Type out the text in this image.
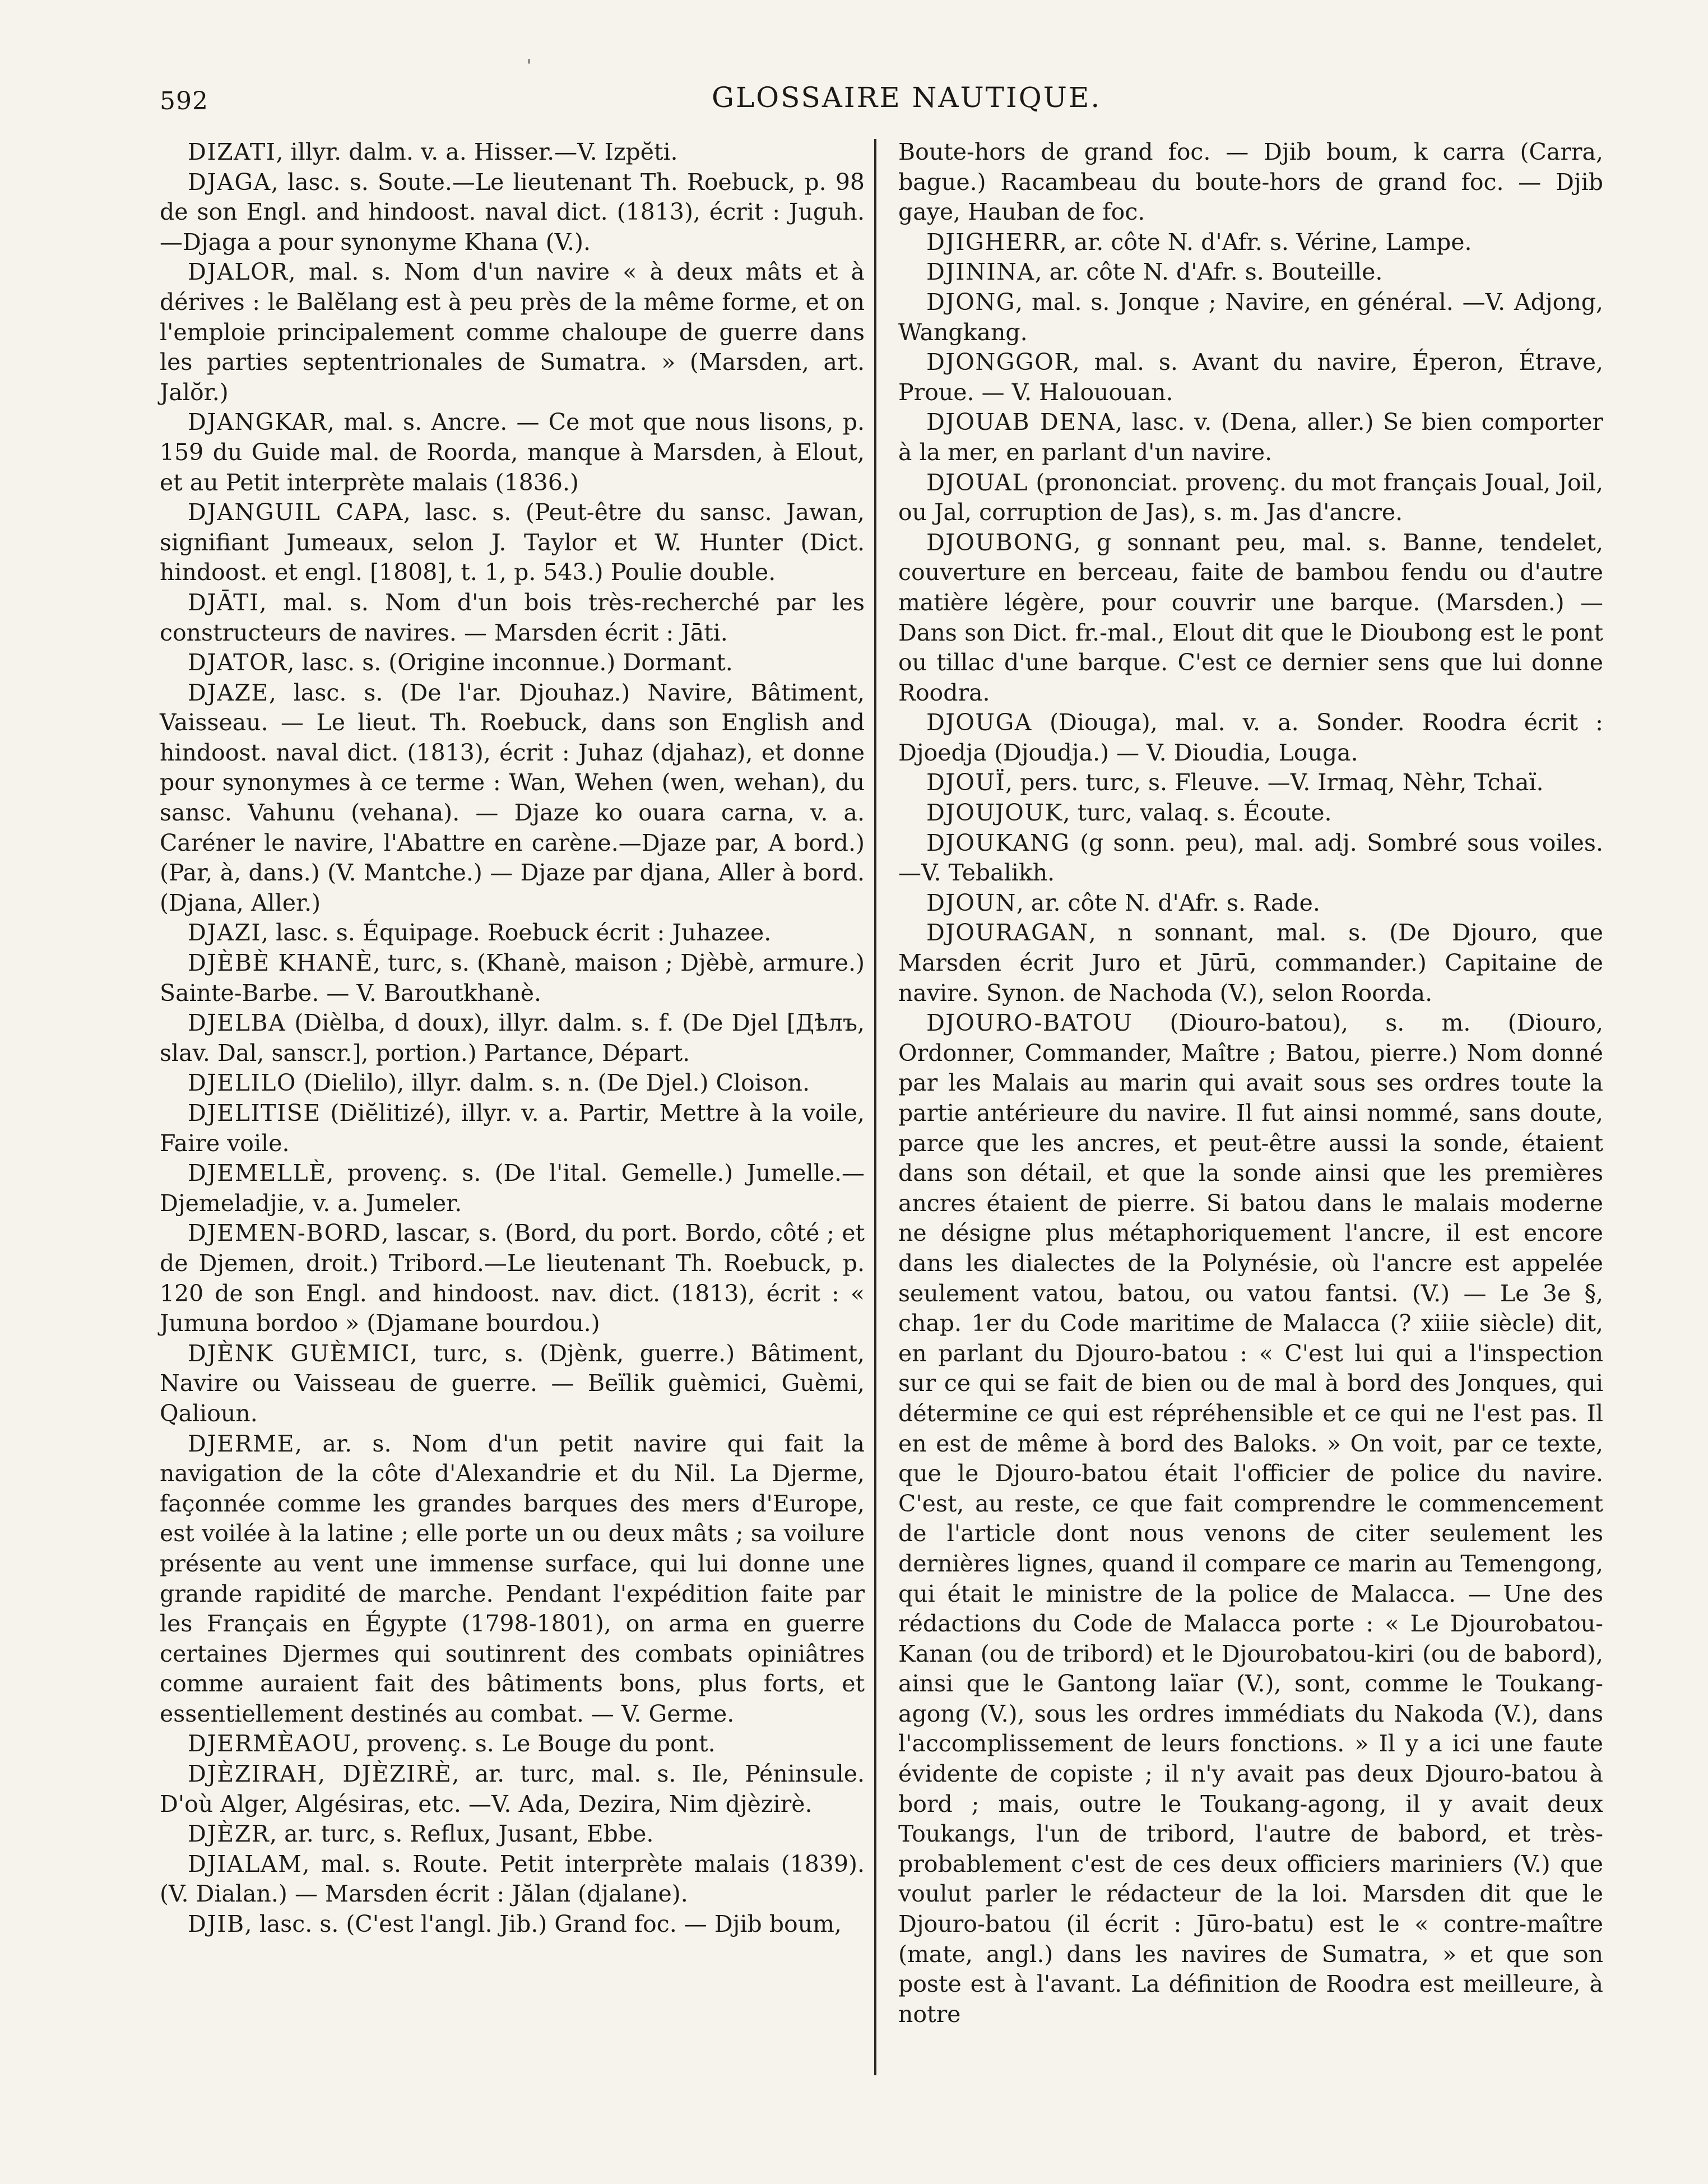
'
592	GLOSSAIRE NAUTIQUE.

DIZATI, illyr. dalm. v. a. Hisser.—V. Izpĕti.

DJAGA, lasc. s. Soute.—Le lieutenant Th. Roebuck, p. 98 de son Engl. and hindoost. naval dict. (1813), écrit : Juguh. —Djaga a pour synonyme Khana (V.).

DJALOR, mal. s. Nom d'un navire « à deux mâts et à dérives : le Balĕlang est à peu près de la même forme, et on l'emploie principalement comme chaloupe de guerre dans les parties septentrionales de Sumatra. » (Marsden, art. Jalŏr.)

DJANGKAR, mal. s. Ancre. — Ce mot que nous lisons, p. 159 du Guide mal. de Roorda, manque à Marsden, à Elout, et au Petit interprète malais (1836.)

DJANGUIL CAPA, lasc. s. (Peut-être du sansc. Jawan, signifiant Jumeaux, selon J. Taylor et W. Hunter (Dict. hindoost. et engl. [1808], t. 1, p. 543.) Poulie double.

DJĀTI, mal. s. Nom d'un bois très-recherché par les constructeurs de navires. — Marsden écrit : Jāti.

DJATOR, lasc. s. (Origine inconnue.) Dormant.

DJAZE, lasc. s. (De l'ar. Djouhaz.) Navire, Bâtiment, Vaisseau. — Le lieut. Th. Roebuck, dans son English and hindoost. naval dict. (1813), écrit : Juhaz (djahaz), et donne pour synonymes à ce terme : Wan, Wehen (wen, wehan), du sansc. Vahunu (vehana). — Djaze ko ouara carna, v. a. Caréner le navire, l'Abattre en carène.—Djaze par, A bord.) (Par, à, dans.) (V. Mantche.) — Djaze par djana, Aller à bord. (Djana, Aller.)

DJAZI, lasc. s. Équipage. Roebuck écrit : Juhazee.

DJÈBÈ KHANÈ, turc, s. (Khanè, maison ; Djèbè, armure.) Sainte-Barbe. — V. Baroutkhanè.

DJELBA (Dièlba, d doux), illyr. dalm. s. f. (De Djel [Дѣлъ, slav. Dal, sanscr.], portion.) Partance, Départ.

DJELILO (Dielilo), illyr. dalm. s. n. (De Djel.) Cloison.

DJELITISE (Diĕlitizé), illyr. v. a. Partir, Mettre à la voile, Faire voile.

DJEMELLÈ, provenç. s. (De l'ital. Gemelle.) Jumelle.— Djemeladjie, v. a. Jumeler.

DJEMEN-BORD, lascar, s. (Bord, du port. Bordo, côté ; et de Djemen, droit.) Tribord.—Le lieutenant Th. Roebuck, p. 120 de son Engl. and hindoost. nav. dict. (1813), écrit : « Jumuna bordoo » (Djamane bourdou.)

DJÈNK GUÈMICI, turc, s. (Djènk, guerre.) Bâtiment, Navire ou Vaisseau de guerre. — Beïlik guèmici, Guèmi, Qalioun.

DJERME, ar. s. Nom d'un petit navire qui fait la navigation de la côte d'Alexandrie et du Nil. La Djerme, façonnée comme les grandes barques des mers d'Europe, est voilée à la latine ; elle porte un ou deux mâts ; sa voilure présente au vent une immense surface, qui lui donne une grande rapidité de marche. Pendant l'expédition faite par les Français en Égypte (1798-1801), on arma en guerre certaines Djermes qui soutinrent des combats opiniâtres comme auraient fait des bâtiments bons, plus forts, et essentiellement destinés au combat. — V. Germe.

DJERMÈAOU, provenç. s. Le Bouge du pont.

DJÈZIRAH, DJÈZIRÈ, ar. turc, mal. s. Ile, Péninsule. D'où Alger, Algésiras, etc. —V. Ada, Dezira, Nim djèzirè.

DJÈZR, ar. turc, s. Reflux, Jusant, Ebbe.

DJIALAM, mal. s. Route. Petit interprète malais (1839). (V. Dialan.) — Marsden écrit : Jălan (djalane).

DJIB, lasc. s. (C'est l'angl. Jib.) Grand foc. — Djib boum,

Boute-hors de grand foc. — Djib boum, k carra (Carra, bague.) Racambeau du boute-hors de grand foc. — Djib gaye, Hauban de foc.

DJIGHERR, ar. côte N. d'Afr. s. Vérine, Lampe.

DJININA, ar. côte N. d'Afr. s. Bouteille.

DJONG, mal. s. Jonque ; Navire, en général. —V. Adjong, Wangkang.

DJONGGOR, mal. s. Avant du navire, Éperon, Étrave, Proue. — V. Halououan.

DJOUAB DENA, lasc. v. (Dena, aller.) Se bien comporter à la mer, en parlant d'un navire.

DJOUAL (prononciat. provenç. du mot français Joual, Joil, ou Jal, corruption de Jas), s. m. Jas d'ancre.

DJOUBONG, g sonnant peu, mal. s. Banne, tendelet, couverture en berceau, faite de bambou fendu ou d'autre matière légère, pour couvrir une barque. (Marsden.) — Dans son Dict. fr.-mal., Elout dit que le Dioubong est le pont ou tillac d'une barque. C'est ce dernier sens que lui donne Roodra.

DJOUGA (Diouga), mal. v. a. Sonder. Roodra écrit : Djoedja (Djoudja.) — V. Dioudia, Louga.

DJOUÏ, pers. turc, s. Fleuve. —V. Irmaq, Nèhr, Tchaï.

DJOUJOUK, turc, valaq. s. Écoute.

DJOUKANG (g sonn. peu), mal. adj. Sombré sous voiles. —V. Tebalikh.

DJOUN, ar. côte N. d'Afr. s. Rade.

DJOURAGAN, n sonnant, mal. s. (De Djouro, que Marsden écrit Juro et Jūrū, commander.) Capitaine de navire. Synon. de Nachoda (V.), selon Roorda.

DJOURO-BATOU (Diouro-batou), s. m. (Diouro, Ordonner, Commander, Maître ; Batou, pierre.) Nom donné par les Malais au marin qui avait sous ses ordres toute la partie antérieure du navire. Il fut ainsi nommé, sans doute, parce que les ancres, et peut-être aussi la sonde, étaient dans son détail, et que la sonde ainsi que les premières ancres étaient de pierre. Si batou dans le malais moderne ne désigne plus métaphoriquement l'ancre, il est encore dans les dialectes de la Polynésie, où l'ancre est appelée seulement vatou, batou, ou vatou fantsi. (V.) — Le 3e §, chap. 1er du Code maritime de Malacca (? xiiie siècle) dit, en parlant du Djouro-batou : « C'est lui qui a l'inspection sur ce qui se fait de bien ou de mal à bord des Jonques, qui détermine ce qui est répréhensible et ce qui ne l'est pas. Il en est de même à bord des Baloks. » On voit, par ce texte, que le Djouro-batou était l'officier de police du navire. C'est, au reste, ce que fait comprendre le commencement de l'article dont nous venons de citer seulement les dernières lignes, quand il compare ce marin au Temengong, qui était le ministre de la police de Malacca. — Une des rédactions du Code de Malacca porte : « Le Djourobatou-Kanan (ou de tribord) et le Djourobatou-kiri (ou de babord), ainsi que le Gantong laïar (V.), sont, comme le Toukang-agong (V.), sous les ordres immédiats du Nakoda (V.), dans l'accomplissement de leurs fonctions. » Il y a ici une faute évidente de copiste ; il n'y avait pas deux Djouro-batou à bord ; mais, outre le Toukang-agong, il y avait deux Toukangs, l'un de tribord, l'autre de babord, et très-probablement c'est de ces deux officiers mariniers (V.) que voulut parler le rédacteur de la loi. Marsden dit que le Djouro-batou (il écrit : Jūro-batu) est le « contre-maître (mate, angl.) dans les navires de Sumatra, » et que son poste est à l'avant. La définition de Roodra est meilleure, à notre
